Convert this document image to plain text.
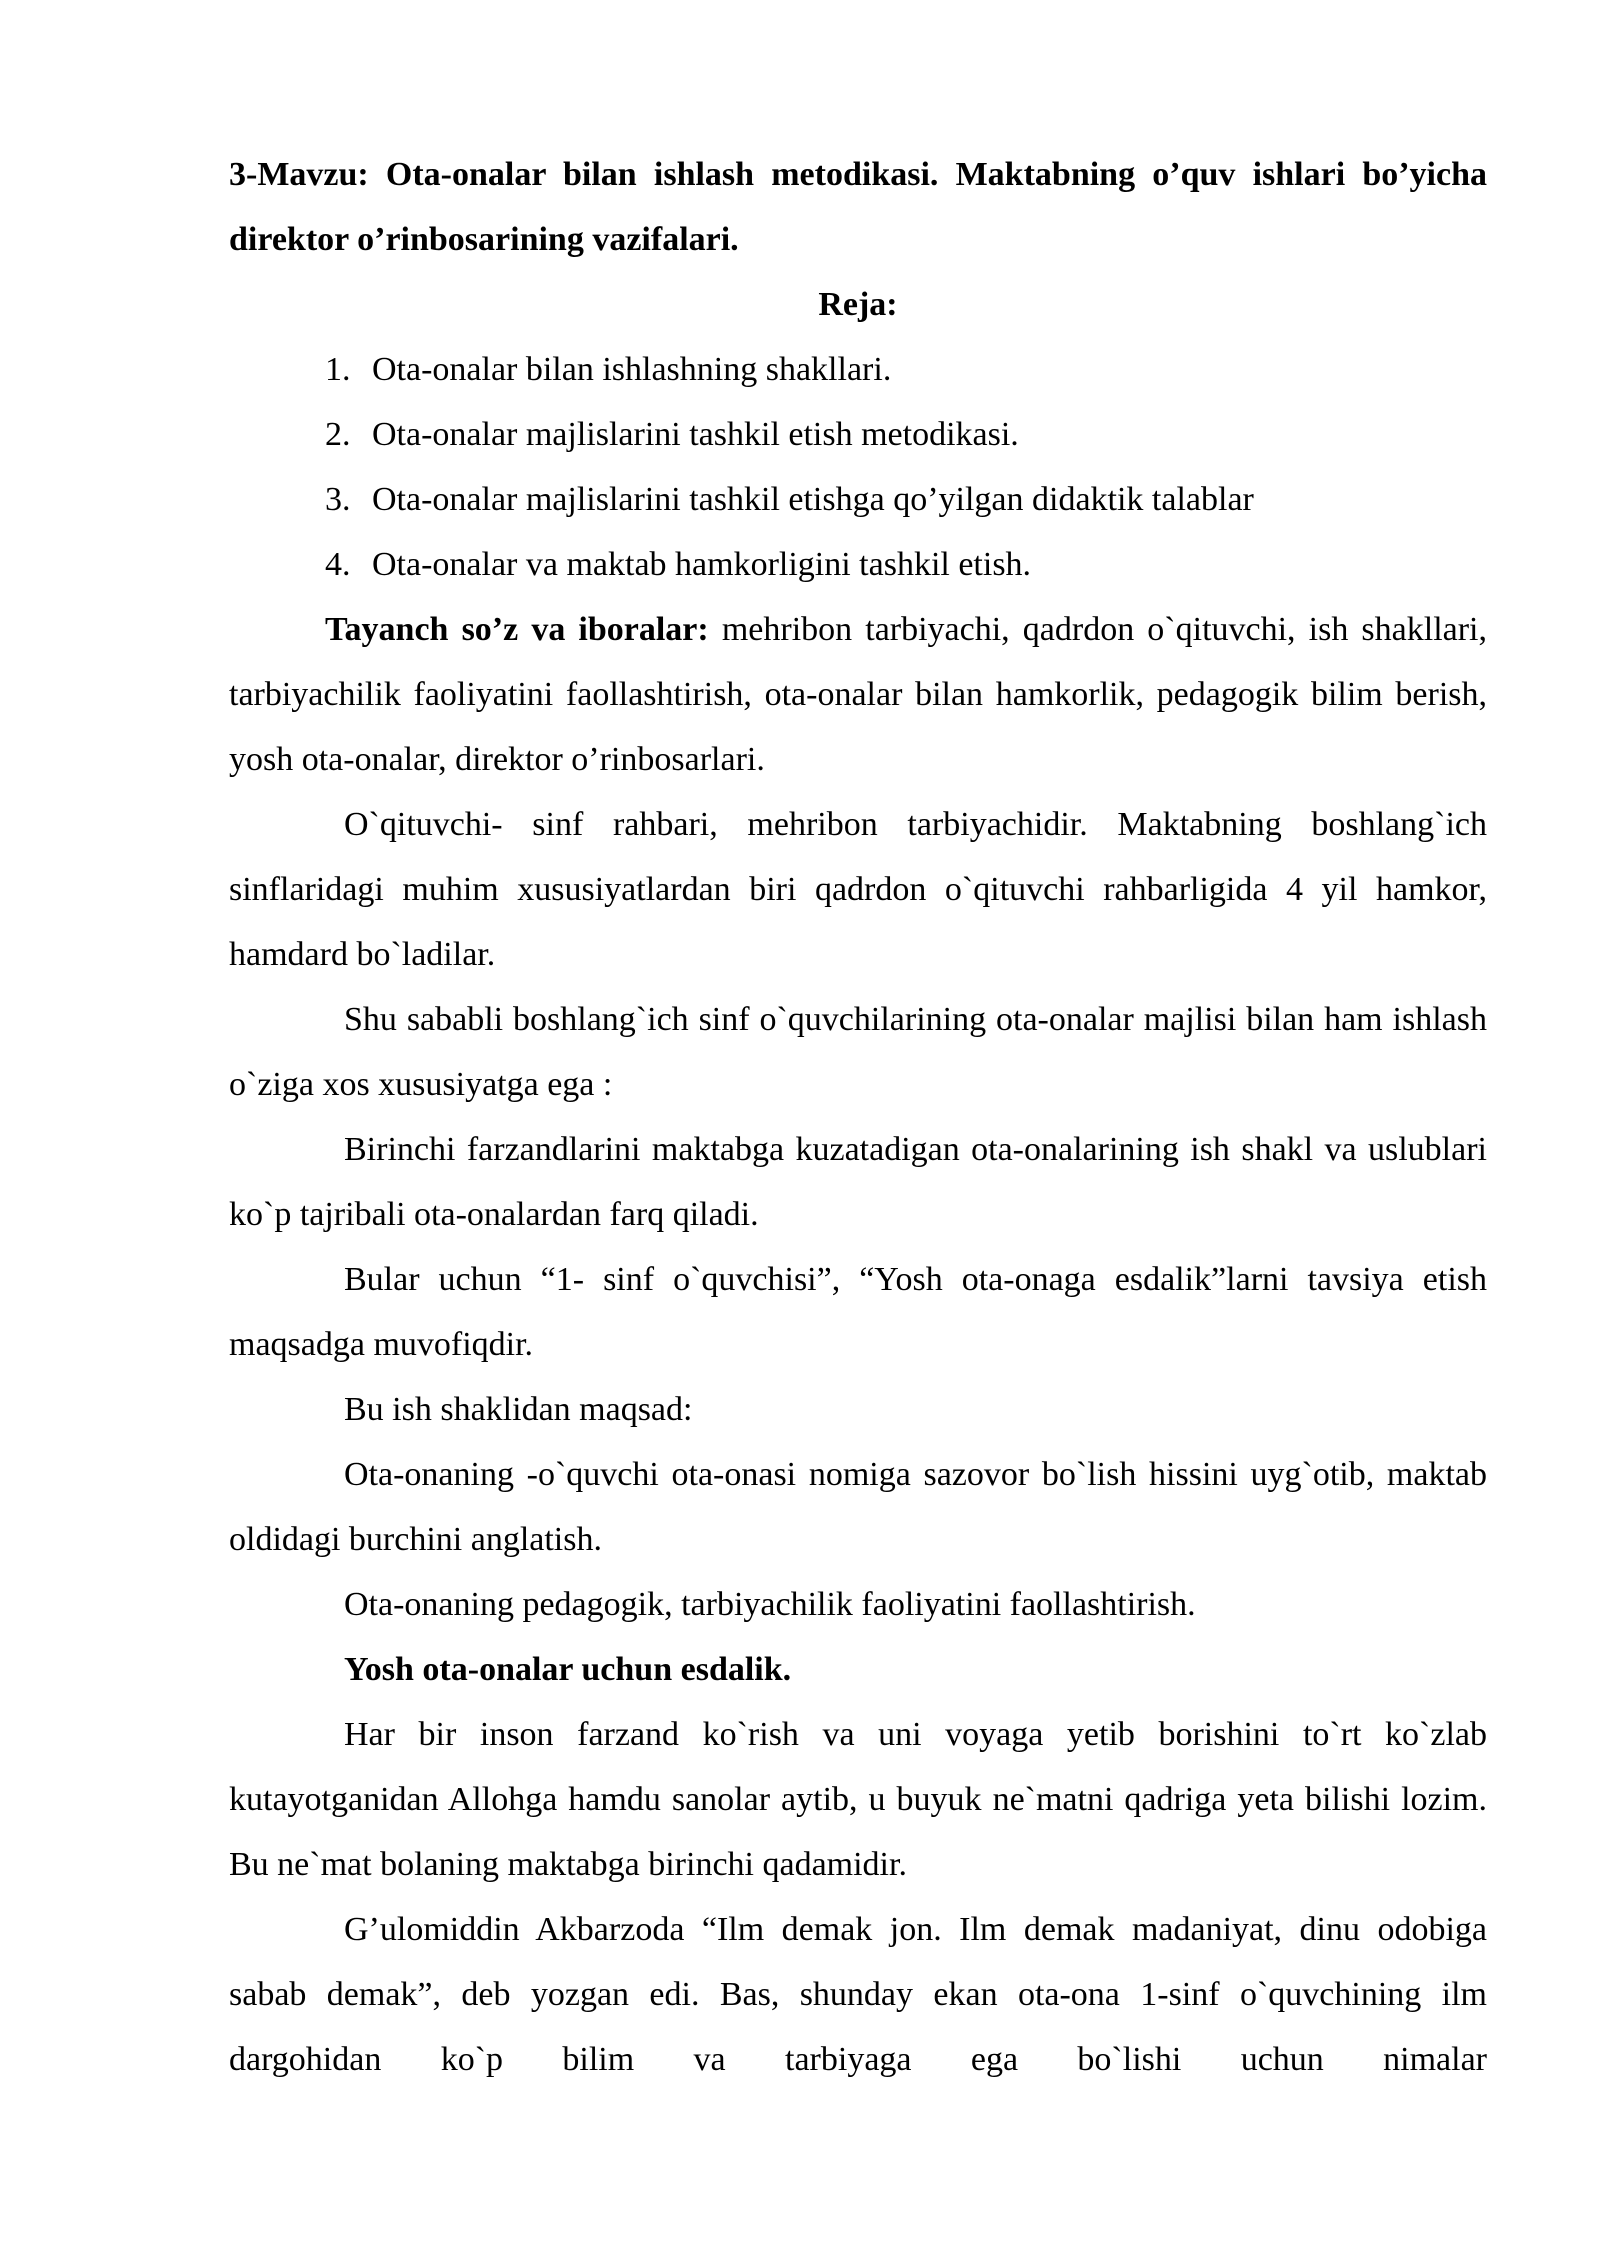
3-Mavzu: Ota-onalar bilan ishlash metodikasi. Maktabning o’quv ishlari bo’yicha direktor o’rinbosarining vazifalari.

Reja:

1. Ota-onalar bilan ishlashning shakllari.
2. Ota-onalar majlislarini tashkil etish metodikasi.
3. Ota-onalar majlislarini tashkil etishga qo’yilgan didaktik talablar
4. Ota-onalar va maktab hamkorligini tashkil etish.

Tayanch so’z va iboralar: mehribon tarbiyachi, qadrdon o`qituvchi, ish shakllari, tarbiyachilik faoliyatini faollashtirish, ota-onalar bilan hamkorlik, pedagogik bilim berish, yosh ota-onalar, direktor o’rinbosarlari.

O`qituvchi- sinf rahbari, mehribon tarbiyachidir. Maktabning boshlang`ich sinflaridagi muhim xususiyatlardan biri qadrdon o`qituvchi rahbarligida 4 yil hamkor, hamdard bo`ladilar.

Shu sababli boshlang`ich sinf o`quvchilarining ota-onalar majlisi bilan ham ishlash o`ziga xos xususiyatga ega :

Birinchi farzandlarini maktabga kuzatadigan ota-onalarining ish shakl va uslublari ko`p tajribali ota-onalardan farq qiladi.

Bular uchun “1- sinf o`quvchisi”, “Yosh ota-onaga esdalik”larni tavsiya etish maqsadga muvofiqdir.

Bu ish shaklidan maqsad:

Ota-onaning -o`quvchi ota-onasi nomiga sazovor bo`lish hissini uyg`otib, maktab oldidagi burchini anglatish.

Ota-onaning pedagogik, tarbiyachilik faoliyatini faollashtirish.

Yosh ota-onalar uchun esdalik.

Har bir inson farzand ko`rish va uni voyaga yetib borishini to`rt ko`zlab kutayotganidan Allohga hamdu sanolar aytib, u buyuk ne`matni qadriga yeta bilishi lozim. Bu ne`mat bolaning maktabga birinchi qadamidir.

G’ulomiddin Akbarzoda “Ilm demak jon. Ilm demak madaniyat, dinu odobiga sabab demak”, deb yozgan edi. Bas, shunday ekan ota-ona 1-sinf o`quvchining ilm dargohidan ko`p bilim va tarbiyaga ega bo`lishi uchun nimalar
